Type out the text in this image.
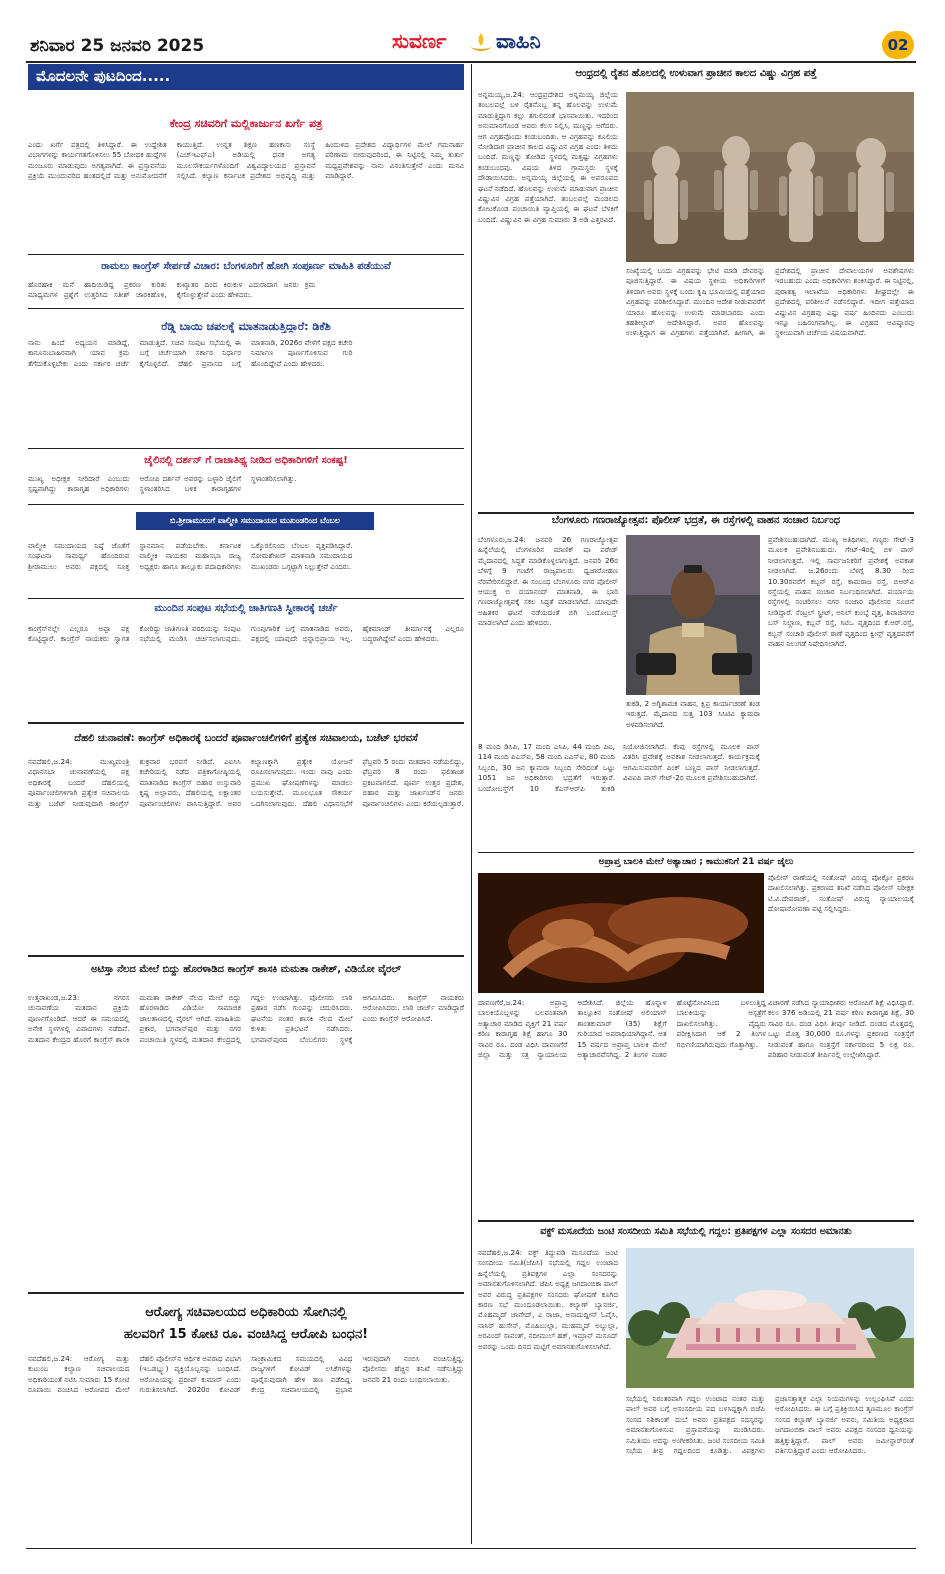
ಶನಿವಾರ 25 ಜನವರಿ 2025	ಸುವರ್ಣ ವಾಹಿನಿ	02
ಮೊದಲನೇ ಪುಟದಿಂದ.....
ಕೇಂದ್ರ ಸಚಿವರಿಗೆ ಮಲ್ಲಿಕಾರ್ಜುನ ಖರ್ಗೆ ಪತ್ರ
ಎಂದು ಖರ್ಗೆ ಪತ್ರದಲ್ಲಿ ತಿಳಿಸಿದ್ದಾರೆ. ಈ ಉದ್ದೇಶಿತ ವಿಭಾಗಗಳನ್ನು ಕಾರ್ಯಗತಗೊಳಿಸಲು 55 ಬೋಧಕ ಹುದ್ದೆಗಳ ಮಂಜೂರು ಮಾಡುವುದು ಅಗತ್ಯವಾಗಿದೆ. ಈ ಪ್ರಸ್ತಾವನೆಯ ಪ್ರಕ್ರಿಯೆ ಮುಂದುವರಿದ ಹಂತದಲ್ಲಿದೆ ಮತ್ತು ಅನುಮೋದನೆಗೆ ಕಾಯುತ್ತಿದೆ. ಉನ್ನತ ಶಿಕ್ಷಣ ಹಣಕಾಸು ಸಂಸ್ಥೆ (ಎಚ್‌ಇಎಫ್‌ಎ) ಅಡಿಯಲ್ಲಿ ಧನಕ ಅಗತ್ಯ ಮೂಲಸೌಕರ್ಯಗಳೊಂದಿಗೆ ವಿಶ್ವವಿದ್ಯಾಲಯದ ಪ್ರಸ್ತಾವನೆ ಸಲ್ಲಿಸಿದೆ. ಕಲ್ಯಾಣ ಕರ್ನಾಟಕ ಪ್ರದೇಶದ ಅಭಿವೃದ್ಧಿ ಮತ್ತು ಹಿಂದುಳಿದ ಪ್ರದೇಶದ ವಿದ್ಯಾರ್ಥಿಗಳ ಮೇಲೆ ಗಮನಾರ್ಹ ಪರಿಣಾಮ ಬೀರುವುದರಿಂದ, ಈ ನಿಟ್ಟಿನಲ್ಲಿ ನಿಮ್ಮ ತುರ್ತು ಮಧ್ಯಪ್ರವೇಶವನ್ನು ನಾನು ವಿನಂತಿಸುತ್ತೇನೆ ಎಂದು ಮನವಿ ಮಾಡಿದ್ದಾರೆ.
ರಾಮಲು ಕಾಂಗ್ರೆಸ್ ಸೇರ್ಪಡೆ ವಿಚಾರ: ಬೆಂಗಳೂರಿಗೆ ಹೋಗಿ ಸಂಪೂರ್ಣ ಮಾಹಿತಿ ಪಡೆಯುವೆ
ಹೊರಹಾಕಿ ಮನೆ ಹಾದಿಯಿಡಿದ್ದ ಪ್ರಕರಣ ಕುರಿತು ಮಾಧ್ಯಮಗಳ ಪ್ರಶ್ನೆಗೆ ಉತ್ತರಿಸಿದ ಸತೀಶ್ ಜಾರಕಿಹೊಳಿ, ಕುಖ್ಯಾತರ ದಿಂದ ಕಿರುಕುಳ ಎದುರಾದಾಗ ಜನರು ಕ್ರಮ ಕೈಗೊಳ್ಳುತ್ತೇವೆ ಎಂದು ಹೇಳಿದರು.
ರೆಡ್ಡಿ ಬಾಯಿ ಚಪಲಕ್ಕೆ ಮಾತನಾಡುತ್ತಿದ್ದಾರೆ: ಡಿಕೆಶಿ
ನಾನು ಹಿಂದೆ ಅಧ್ಯಯನ ಮಾಡಿದ್ದೆ, ಕಾನೂನುಬಾಹಿರವಾಗಿ ಯಾವ ಕ್ರಮ ತೆಗೆದುಕೊಳ್ಳಬೇಕು ಎಂದು ಸರ್ಕಾರ ಚರ್ಚೆ ಮಾಡುತ್ತಿದೆ. ಸಚಿವ ಸಂಪುಟ ಸಭೆಯಲ್ಲಿ ಈ ಬಗ್ಗೆ ಚರ್ಚೆಯಾಗಿ ಸರ್ಕಾರ ನಿರ್ಧಾರ ಕೈಗೊಳ್ಳಲಿದೆ. ದೆಹಲಿ ಪ್ರವಾಸದ ಬಗ್ಗೆ ಮಾತನಾಡಿ, 2026ರ ವೇಳೆಗೆ ಪಕ್ಷದ ಕಚೇರಿ ನಿರ್ಮಾಣ ಪೂರ್ಣಗೊಳಿಸುವ ಗುರಿ ಹೊಂದಿದ್ದೇವೆ ಎಂದು ಹೇಳಿದರು.
ಜೈಲಿನಲ್ಲಿ ದರ್ಶನ್ ಗೆ ರಾಜಾತಿಥ್ಯ ನೀಡಿದ ಅಧಿಕಾರಿಗಳಿಗೆ ಸಂಕಷ್ಟ!
ಮುಖ್ಯ ಅಧೀಕ್ಷಕ ನೀರಿದಾರೆ ಎಂಬುದು ಸ್ಪಷ್ಟವಾಗಿದ್ದು ಕಾರಾಗೃಹ ಅಧಿಕಾರಿಗಳು ಆರೋಪಿ ದರ್ಶನ್ ಅವರನ್ನು ಬಳ್ಳಾರಿ ಜೈಲಿಗೆ ಸ್ಥಳಾಂತರಿಸಿದ ಬಳಿಕ ಕಾರಾಗೃಹಗಳ ಸ್ಥಳಾಂತರಿಸಲಾಗಿತ್ತು.
ಬಿ.ಶ್ರೀರಾಮುಲುಗೆ ವಾಲ್ಮೀಕಿ ಸಮುದಾಯದ ಮುಖಂಡರಿಂದ ಬೆಂಬಲ
ವಾಲ್ಮೀಕಿ ಸಮುದಾಯದ ನಿಷ್ಠೆ ಜೊತೆಗೆ ಸಂಘಟನಾ ಸಾಮರ್ಥ್ಯ ಹೊಂದಿರುವ ಶ್ರೀರಾಮುಲು ಅವರು ಪಕ್ಷದಲ್ಲಿ ಸೂಕ್ತ ಸ್ಥಾನಮಾನ ಪಡೆಯಬೇಕು. ಕರ್ನಾಟಕ ವಾಲ್ಮೀಕಿ ನಾಯಕರ ಮಹಾಸಭಾ ರಾಜ್ಯ ಅಧ್ಯಕ್ಷರು ಹಾಗೂ ತಾಲ್ಲೂಕು ಪದಾಧಿಕಾರಿಗಳು ಒಕ್ಕೊರಲಿನಿಂದ ಬೆಂಬಲ ವ್ಯಕ್ತಪಡಿಸಿದ್ದಾರೆ. ಸೋಮಶೇಖರ್ ಮಾತನಾಡಿ ಸಮುದಾಯದ ಮುಖಂಡರು ಒಗ್ಗಟ್ಟಾಗಿ ನಿಲ್ಲುತ್ತೇವೆ ಎಂದರು.
ಮುಂದಿನ ಸಂಪುಟ ಸಭೆಯಲ್ಲಿ ಜಾತಿಗಣತಿ ಸ್ವೀಕಾರಕ್ಕೆ ಚರ್ಚೆ
ಕಾಂಗ್ರೆಸ್‌ನಲ್ಲೇ ಎಲ್ಲರೂ ಅಪ್ಪಾ ಪಕ್ಷ ಕೊಟ್ಟಿದ್ದಾರೆ. ಕಾಂಗ್ರೆಸ್ ನಾಯಕರು ಸ್ವಾಗತ ಕೋರಿದ್ದು ಜಾತಿಗಣತಿ ವರದಿಯನ್ನು ಸಂಪುಟ ಸಭೆಯಲ್ಲಿ ಮಂಡಿಸಿ ಚರ್ಚಿಸಲಾಗುವುದು. ಗುಂಪುಗಾರಿಕೆ ಬಗ್ಗೆ ಮಾತನಾಡಿದ ಅವರು, ಪಕ್ಷದಲ್ಲಿ ಯಾವುದೇ ಭಿನ್ನಾಭಿಪ್ರಾಯ ಇಲ್ಲ. ಹೈಕಮಾಂಡ್ ತೀರ್ಮಾನಕ್ಕೆ ಎಲ್ಲರೂ ಬದ್ಧರಾಗಿದ್ದೇವೆ ಎಂದು ಹೇಳಿದರು.
ದೆಹಲಿ ಚುನಾವಣೆ: ಕಾಂಗ್ರೆಸ್ ಅಧಿಕಾರಕ್ಕೆ ಬಂದರೆ ಪೂರ್ವಾಂಚಲಿಗಳಿಗೆ ಪ್ರತ್ಯೇಕ ಸಚಿವಾಲಯ, ಬಜೆಟ್ ಭರವಸೆ
ನವದೆಹಲಿ,ಜ.24: ಮುಖ್ಯಮಂತ್ರಿ ವಿಧಾನಸಭಾ ಚುನಾವಣೆಯಲ್ಲಿ ಪಕ್ಷ ಅಧಿಕಾರಕ್ಕೆ ಬಂದರೆ ದೆಹಲಿಯಲ್ಲಿ ಪೂರ್ವಾಂಚಲಿಗಳಿಗಾಗಿ ಪ್ರತ್ಯೇಕ ಸಚಿವಾಲಯ ಮತ್ತು ಬಜೆಟ್ ನೀಡುವುದಾಗಿ ಕಾಂಗ್ರೆಸ್ ಶುಕ್ರವಾರ ಭರವಸೆ ನೀಡಿದೆ. ಎಐಸಿಸಿ ಕಚೇರಿಯಲ್ಲಿ ನಡೆದ ಪತ್ರಿಕಾಗೋಷ್ಠಿಯಲ್ಲಿ ಮಾತನಾಡಿದ ಕಾಂಗ್ರೆಸ್ ಬಿಹಾರ ಉಸ್ತುವಾರಿ ಕೃಷ್ಣ ಅಲ್ಲಾವರು, ದೆಹಲಿಯಲ್ಲಿ ಲಕ್ಷಾಂತರ ಪೂರ್ವಾಂಚಲಿಗಳು ವಾಸಿಸುತ್ತಿದ್ದಾರೆ. ಅವರ ಕಲ್ಯಾಣಕ್ಕಾಗಿ ಪ್ರತ್ಯೇಕ ಯೋಜನೆ ರೂಪಿಸಲಾಗುವುದು. ಇಂದು ನಾವು ಎಂದು ಪ್ರಮುಖ ಘೋಷಣೆಗಳನ್ನು ಮಾಡಲು ಬಯಸುತ್ತೇವೆ. ಮೂಲಭೂತ ಸೌಕರ್ಯ ಒದಗಿಸಲಾಗುವುದು. ದೆಹಲಿ ವಿಧಾನಸಭೆಗೆ ಫೆಬ್ರವರಿ 5 ರಂದು ಮತದಾನ ನಡೆಯಲಿದ್ದು, ಫೆಬ್ರವರಿ 8 ರಂದು ಫಲಿತಾಂಶ ಪ್ರಕಟವಾಗಲಿದೆ. ಪೂರ್ವ ಉತ್ತರ ಪ್ರದೇಶ, ಬಿಹಾರ ಮತ್ತು ಜಾರ್ಖಂಡ್‌ನ ಜನರು ಪೂರ್ವಾಂಚಲಿಗಳು ಎಂದು ಕರೆಯಲ್ಪಡುತ್ತಾರೆ.
ಅಟಿಸ್ತಾ ನೆಲದ ಮೇಲೆ ಬಿದ್ದು ಹೊರಳಾಡಿದ ಕಾಂಗ್ರೆಸ್ ಶಾಸಕಿ ಮಮತಾ ರಾಕೇಶ್, ವಿಡಿಯೋ ವೈರಲ್
ಉತ್ತರಾಖಂಡ,ಜ.23: ನಗರಸ ಚುನಾವಣೆಯ ಮತದಾನ ಪ್ರಕ್ರಿಯೆ ಪೂರ್ಣಗೊಂಡಿದೆ. ಆದರೆ ಈ ಸಮಯದಲ್ಲಿ ಅನೇಕ ಸ್ಥಳಗಳಲ್ಲಿ ವಿವಾದಗಳು ನಡೆದಿವೆ. ಮತದಾನ ಕೇಂದ್ರದ ಹೊರಗೆ ಕಾಂಗ್ರೆಸ್ ಶಾಸಕಿ ಮಮತಾ ರಾಕೇಶ್ ನೆಲದ ಮೇಲೆ ಬಿದ್ದು ಹೊರಳಾಡಿದ ವಿಡಿಯೋ ಸಾಮಾಜಿಕ ಜಾಲತಾಣದಲ್ಲಿ ವೈರಲ್ ಆಗಿದೆ. ಮಾಹಿತಿಯ ಪ್ರಕಾರ, ಭಗವಾನ್‌ಪುರ ಮತ್ತು ನಗರ ಪಂಚಾಯಿತಿ ಸ್ಥಳದಲ್ಲಿ ಮತದಾನ ಕೇಂದ್ರದಲ್ಲಿ ಗದ್ದಲ ಉಂಟಾಗಿತ್ತು. ಪೊಲೀಸರು ಲಾಠಿ ಪ್ರಹಾರ ನಡೆಸಿ ಗುಂಪನ್ನು ಚದುರಿಸಿದರು. ಘಟನೆಯ ನಂತರ ಶಾಸಕಿ ನೆಲದ ಮೇಲೆ ಕುಳಿತು ಪ್ರತಿಭಟನೆ ನಡೆಸಿದರು. ಭಗವಾನ್‌ಪುರದ ಬೆಂಬಲಿಗರು ಸ್ಥಳಕ್ಕೆ ಆಗಮಿಸಿದರು. ಕಾಂಗ್ರೆಸ್ ನಾಯಕರು ಆರೋಪಿಸಿದರು. ಲಾಠಿ ಚಾರ್ಜ್ ಮಾಡಿದ್ದಾರೆ ಎಂದು ಕಾಂಗ್ರೆಸ್ ಆರೋಪಿಸಿದೆ.
ಆರೋಗ್ಯ ಸಚಿವಾಲಯದ ಅಧಿಕಾರಿಯ ಸೋಗಿನಲ್ಲಿ
ಹಲವರಿಗೆ 15 ಕೋಟಿ ರೂ. ವಂಚಿಸಿದ್ದ ಆರೋಪಿ ಬಂಧನ!
ನವದೆಹಲಿ,ಜ.24: ಆರೋಗ್ಯ ಮತ್ತು ಕುಟುಂಬ ಕಲ್ಯಾಣ ಸಚಿವಾಲಯದ ಅಧಿಕಾರಿಯಂತೆ ನಟಿಸಿ ಸುಮಾರು 15 ಕೋಟಿ ರೂಪಾಯಿ ವಂಚಿಸಿದ ಆರೋಪದ ಮೇಲೆ ದೆಹಲಿ ಪೊಲೀಸ್‌ನ ಆರ್ಥಿಕ ಅಪರಾಧ ವಿಭಾಗ (ಇಒಡಬ್ಲ್ಯು) ವ್ಯಕ್ತಿಯೊಬ್ಬನನ್ನು ಬಂಧಿಸಿದೆ. ಆರೋಪಿಯನ್ನು ಪ್ರದೀಪ್ ಕುಮಾರ್ ಎಂದು ಗುರುತಿಸಲಾಗಿದೆ. 2020ರ ಕೋವಿಡ್ ಸಾಂಕ್ರಾಮಿಕದ ಸಮಯದಲ್ಲಿ ವಿವಿಧ ರಾಜ್ಯಗಳಿಗೆ ಕೋವಿಡ್ ಲಸಿಕೆಗಳನ್ನು ಪೂರೈಸುವುದಾಗಿ ಹೇಳಿ ಹಣ ಪಡೆದಿದ್ದ. ಕೇಂದ್ರ ಸಚಿವಾಲಯದಲ್ಲಿ ಪ್ರಭಾವ ಇರುವುದಾಗಿ ನಂಬಿಸಿ ವಂಚಿಸುತ್ತಿದ್ದ. ಪೊಲೀಸರು ಹೆಚ್ಚಿನ ತನಿಖೆ ನಡೆಸುತ್ತಿದ್ದು ಜನವರಿ 21 ರಂದು ಬಂಧಿಸಲಾಯಿತು.
ಆಂಧ್ರದಲ್ಲಿ ರೈತನ ಹೊಲದಲ್ಲಿ ಉಳುವಾಗ ಪ್ರಾಚೀನ ಕಾಲದ ವಿಷ್ಣು ವಿಗ್ರಹ ಪತ್ತೆ
ಅನ್ನಮಯ್ಯ,ಜ.24: ಆಂಧ್ರಪ್ರದೇಶದ ಅನ್ನಮಯ್ಯ ಜಿಲ್ಲೆಯ ತಂಬಲಪಲ್ಲೆ ಬಳಿ ರೈತನೊಬ್ಬ ತನ್ನ ಹೊಲವನ್ನು ಉಳುಮೆ ಮಾಡುತ್ತಿದ್ದಾಗ ಕಲ್ಲು ತಗುಲಿದಂತೆ ಭಾಸವಾಯಿತು. ಇದರಿಂದ ಅನುಮಾನಗೊಂಡ ಅವರು ಕೆಲಸ ನಿಲ್ಲಿಸಿ, ಮಣ್ಣನ್ನು ಅಗೆದರು. ಆಗ ವಿಗ್ರಹವೊಂದು ಕಂಡುಬಂದಿತು. ಆ ವಿಗ್ರಹವನ್ನು ಕೂಲಿಯ ನೋಡಿದಾಗ ಪ್ರಾಚೀನ ಕಾಲದ ವಿಷ್ಣುವಿನ ವಿಗ್ರಹ ಎಂದು ತಿಳಿದು ಬಂದಿದೆ. ಮಣ್ಣನ್ನು ತೋಡಿದ ಸ್ಥಳದಲ್ಲಿ ಮತ್ತಷ್ಟು ವಿಗ್ರಹಗಳು ಕಂಡುಬಂದವು. ವಿಷಯ ತಿಳಿದ ಗ್ರಾಮಸ್ಥರು ಸ್ಥಳಕ್ಕೆ ದೌಡಾಯಿಸಿದರು. ಅನ್ನಮಯ್ಯ ಜಿಲ್ಲೆಯಲ್ಲಿ ಈ ಅಪರೂಪದ ಘಟನೆ ನಡೆದಿದೆ. ಹೊಲವನ್ನು ಉಳುಮೆ ಮಾಡುವಾಗ ಪ್ರಾಚೀನ ವಿಷ್ಣುವಿನ ವಿಗ್ರಹ ಪತ್ತೆಯಾಗಿದೆ. ತಂಬಲಪಲ್ಲೆ ಮಂಡಲದ ಕೋಟಕೊಂಡ ಪಂಚಾಯಿತಿ ವ್ಯಾಪ್ತಿಯಲ್ಲಿ ಈ ಘಟನೆ ಬೆಳಕಿಗೆ ಬಂದಿದೆ. ವಿಷ್ಣುವಿನ ಈ ವಿಗ್ರಹ ಸುಮಾರು 3 ಅಡಿ ಎತ್ತರವಿದೆ.
ಸಂಖ್ಯೆಯಲ್ಲಿ ಬಂದು ವಿಗ್ರಹವನ್ನು ಭೇಟಿ ಮಾಡಿ ದೇವರನ್ನು ಪೂಜಿಸುತ್ತಿದ್ದಾರೆ. ಈ ವಿಷಯ ಸ್ಥಳೀಯ ಅಧಿಕಾರಿಗಳಿಗೆ ತಿಳಿದಾಗ ಅವರು ಸ್ಥಳಕ್ಕೆ ಬಂದು ಕೃಷಿ ಭೂಮಿಯಲ್ಲಿ ಪತ್ತೆಯಾದ ವಿಗ್ರಹವನ್ನು ಪರಿಶೀಲಿಸಿದ್ದಾರೆ. ಮುಂದಿನ ಆದೇಶ ನೀಡುವವರೆಗೆ ಯಾರೂ ಹೊಲವನ್ನು ಉಳುಮೆ ಮಾಡಬಾರದು ಎಂದು ತಹಶೀಲ್ದಾರ್ ಆದೇಶಿಸಿದ್ದಾರೆ. ಅವರ ಹೊಲವನ್ನು ಉಳುತ್ತಿದ್ದಾಗ ಈ ವಿಗ್ರಹಗಳು ಪತ್ತೆಯಾಗಿವೆ. ಹೀಗಾಗಿ, ಈ ಪ್ರದೇಶದಲ್ಲಿ ಪ್ರಾಚೀನ ದೇವಾಲಯಗಳ ಅವಶೇಷಗಳು ಇರಬಹುದು ಎಂದು ಅಧಿಕಾರಿಗಳು ಶಂಕಿಸಿದ್ದಾರೆ. ಈ ನಿಟ್ಟಿನಲ್ಲಿ, ಪುರಾತತ್ವ ಇಲಾಖೆಯ ಅಧಿಕಾರಿಗಳು ಶೀಘ್ರದಲ್ಲೇ ಈ ಪ್ರದೇಶದಲ್ಲಿ ಪರಿಶೀಲನೆ ನಡೆಸಲಿದ್ದಾರೆ. ಇದೀಗ ಪತ್ತೆಯಾದ ವಿಷ್ಣುವಿನ ವಿಗ್ರಹವು ಎಷ್ಟು ವರ್ಷ ಹಿಂದಿನದು ಎಂಬುದು ಇನ್ನೂ ಬಹಿರಂಗವಾಗಿಲ್ಲ. ಈ ವಿಗ್ರಹದ ಆವಿಷ್ಕಾರವು ಸ್ಥಳೀಯವಾಗಿ ಚರ್ಚೆಯ ವಿಷಯವಾಗಿದೆ.
ಬೆಂಗಳೂರು ಗಣರಾಜ್ಯೋತ್ಸವ: ಪೊಲೀಸ್ ಭದ್ರತೆ, ಈ ರಸ್ತೆಗಳಲ್ಲಿ ವಾಹನ ಸಂಚಾರ ನಿರ್ಬಂಧ
ಬೆಂಗಳೂರು,ಜ.24: ಜನವರಿ 26 ಗಣರಾಜ್ಯೋತ್ಸವ ಹಿನ್ನೆಲೆಯಲ್ಲಿ ಬೆಂಗಳೂರಿನ ಮಾಣಿಕ್ ಷಾ ಪರೇಡ್ ಮೈದಾನದಲ್ಲಿ ಸಿದ್ಧತೆ ಮಾಡಿಕೊಳ್ಳಲಾಗುತ್ತಿದೆ. ಜನವರಿ 26ರ ಬೆಳಗ್ಗೆ 9 ಗಂಟೆಗೆ ರಾಜ್ಯಪಾಲರು ಧ್ವಜಾರೋಹಣ ನೆರವೇರಿಸಲಿದ್ದಾರೆ. ಈ ಸಂಬಂಧ ಬೆಂಗಳೂರು ನಗರ ಪೊಲೀಸ್ ಆಯುಕ್ತ ಬಿ ದಯಾನಂದ್ ಮಾತನಾಡಿ, ಈ ಭಾರಿ ಗಣರಾಜ್ಯೋತ್ಸವಕ್ಕೆ ಸಕಲ ಸಿದ್ಧತೆ ಮಾಡಲಾಗಿದೆ. ಯಾವುದೇ ಅಹಿತಕರ ಘಟನೆ ನಡೆಯದಂತೆ ಬಿಗಿ ಬಂದೋಬಸ್ತ್ ಮಾಡಲಾಗಿದೆ ಎಂದು ಹೇಳಿದರು.
ತುಕಡಿ, 2 ಅಗ್ನಿಶಾಮಕ ವಾಹನ, ಕ್ಷಿಪ್ರ ಕಾರ್ಯಾಚರಣೆ ತಂಡ ಇರುತ್ತದೆ. ಮೈದಾನದ ಸುತ್ತ 103 ಸಿಸಿಟಿವಿ ಕ್ಯಾಮರಾ ಅಳವಡಿಸಲಾಗಿದೆ.
8 ಮಂದಿ ಡಿಸಿಪಿ, 17 ಮಂದಿ ಎಸಿಪಿ, 44 ಮಂದಿ ಪಿಐ, 114 ಮಂದಿ ಪಿಎಸ್‌ಐ, 58 ಮಂದಿ ಎಎಸ್‌ಐ, 80 ಮಂದಿ ಸಿಬ್ಬಂದಿ, 30 ಜನ ಕ್ಯಾಮರಾ ಸಿಬ್ಬಂದಿ ಸೇರಿದಂತೆ ಒಟ್ಟು 1051 ಜನ ಅಧಿಕಾರಿಗಳು ಭದ್ರತೆಗೆ ಇರುತ್ತಾರೆ. ಬಂದೋಬಸ್ತ್‌ಗೆ 10 ಕೆಎಸ್‌ಆರ್‌ಪಿ ತುಕಡಿ ನಿಯೋಜಿಸಲಾಗಿದೆ. ಕೆಂಪು ರಸ್ತೆಗಳಲ್ಲಿ ಮೂಲಕ ಪಾಸ್ ವಿತರಿಸಿ ಪ್ರವೇಶಕ್ಕೆ ಅವಕಾಶ ನೀಡಲಾಗುತ್ತದೆ. ಕಾರ್ಯಕ್ರಮಕ್ಕೆ ಆಗಮಿಸುವವರಿಗೆ ಪಿಂಕ್ ಬಣ್ಣದ ಪಾಸ್ ನೀಡಲಾಗುತ್ತದೆ. ವಿವಿಐಪಿ ಪಾಸ್ ಗೇಟ್-2ರ ಮೂಲಕ ಪ್ರವೇಶಿಸಬಹುದಾಗಿದೆ.
ಪ್ರವೇಶಿಸಬಹುದಾಗಿದೆ. ಮುಖ್ಯ ಅತಿಥಿಗಳು, ಗಣ್ಯರು ಗೇಟ್-3 ಮೂಲಕ ಪ್ರವೇಶಿಸಬಹುದು. ಗೇಟ್-4ರಲ್ಲಿ ಬಿಳಿ ಪಾಸ್ ನೀಡಲಾಗುತ್ತದೆ. ಇಲ್ಲಿ ಸಾರ್ವಜನಿಕರಿಗೆ ಪ್ರವೇಶಕ್ಕೆ ಅವಕಾಶ ನೀಡಲಾಗಿದೆ. ಜ.26ರಂದು ಬೆಳಗ್ಗೆ 8.30 ರಿಂದ 10.30ರವರೆಗೆ ಕಬ್ಬನ್ ರಸ್ತೆ, ಕಾಮರಾಜ ರಸ್ತೆ, ಬಿಆರ್‌ವಿ ರಸ್ತೆಯಲ್ಲಿ ವಾಹನ ಸಂಚಾರ ನಿರ್ಬಂಧಿಸಲಾಗಿದೆ. ಪರ್ಯಾಯ ರಸ್ತೆಗಳಲ್ಲಿ ಸಂಚರಿಸಲು ನಗರ ಸಂಚಾರ ಪೊಲೀಸರ ಸೂಚನೆ ನೀಡಿದ್ದಾರೆ. ಸೆಂಟ್ರಲ್ ಸ್ಟ್ರೀಟ್, ಅನಿಲ್ ಕುಂಬ್ಳೆ ವೃತ್ತ, ಶಿವಾಜಿನಗರ ಬಸ್ ನಿಲ್ದಾಣ, ಕಬ್ಬನ್ ರಸ್ತೆ, ಸಿಟಿಒ ವೃತ್ತದಿಂದ ಕೆ.ಆರ್.ರಸ್ತೆ, ಕಬ್ಬನ್ ಸಂಚಾರಿ ಪೊಲೀಸ್ ಠಾಣೆ ವೃತ್ತದಿಂದ ಕ್ವೀನ್ಸ್ ವೃತ್ತದವರೆಗೆ ವಾಹನ ನಿಲುಗಡೆ ನಿಷೇಧಿಸಲಾಗಿದೆ.
ಅಪ್ರಾಪ್ತ ಬಾಲಕಿ ಮೇಲೆ ಅತ್ಯಾಚಾರ ; ಕಾಮುಕನಿಗೆ 21 ವರ್ಷ ಜೈಲು
ಪೊಲೀಸ್ ಠಾಣೆಯಲ್ಲಿ ಸಂತೋಷ್ ವಿರುದ್ಧ ಪೋಕ್ಸೋ ಪ್ರಕರಣ ದಾಖಲಿಸಲಾಗಿತ್ತು. ಪ್ರಕರಣದ ತನಿಖೆ ನಡೆಸಿದ ಪೊಲೀಸ್ ನಿರೀಕ್ಷಕ ಟಿ.ವಿ.ದೇವರಾಜ್, ಸಂತೋಷ್ ವಿರುದ್ಧ ನ್ಯಾಯಾಲಯಕ್ಕೆ ದೋಷಾರೋಪಣಾ ಪಟ್ಟಿ ಸಲ್ಲಿಸಿದ್ದರು.
ದಾವಣಗೆರೆ,ಜ.24: ಅಪ್ರಾಪ್ತ ಬಾಲಕಿಯೊಬ್ಬಳನ್ನು ಬಲವಂತವಾಗಿ ಅತ್ಯಾಚಾರ ಮಾಡಿದ ವ್ಯಕ್ತಿಗೆ 21 ವರ್ಷ ಕಠಿಣ ಕಾರಾಗೃಹ ಶಿಕ್ಷೆ ಹಾಗೂ 30 ಸಾವಿರ ರೂ. ದಂಡ ವಿಧಿಸಿ ದಾವಣಗೆರೆ ಜಿಲ್ಲಾ ಮತ್ತು ಸತ್ರ ನ್ಯಾಯಾಲಯ ಆದೇಶಿಸಿದೆ. ಜಿಲ್ಲೆಯ ಹೊನ್ನಾಳಿ ತಾಲ್ಲೂಕಿನ ಸಂತೋಷ್ ಅಲಿಯಾಸ್ ಶಾಂತಕುಮಾರ್ (35) ಶಿಕ್ಷೆಗೆ ಗುರಿಯಾದ ಅಪರಾಧಿಯಾಗಿದ್ದಾನೆ. ಆತ 15 ವರ್ಷದ ಅಪ್ರಾಪ್ತ ಬಾಲಕಿ ಮೇಲೆ ಅತ್ಯಾಚಾರವೆಸಗಿದ್ದ. 2 ತಿಂಗಳ ನಂತರ ಹೊಟ್ಟೆನೋವಿನಿಂದ ಬಳಲುತ್ತಿದ್ದ ಬಾಲಕಿಯನ್ನು ಆಸ್ಪತ್ರೆಗೆ ದಾಖಲಿಸಲಾಗಿತ್ತು. ವೈದ್ಯರು ಪರೀಕ್ಷಿಸಿದಾಗ ಆಕೆ 2 ತಿಂಗಳ ಗರ್ಭಿಣಿಯಾಗಿರುವುದು ಗೊತ್ತಾಗಿತ್ತು.
ವಿಚಾರಣೆ ನಡೆಸಿದ ನ್ಯಾಯಾಧೀಶರು ಆರೋಪಿಗೆ ಶಿಕ್ಷೆ ವಿಧಿಸಿದ್ದಾರೆ. ಕಲಂ 376 ಅಡಿಯಲ್ಲಿ 21 ವರ್ಷ ಕಠಿಣ ಕಾರಾಗೃಹ ಶಿಕ್ಷೆ, 30 ಸಾವಿರ ರೂ. ದಂಡ ವಿಧಿಸಿ ತೀರ್ಪು ನೀಡಿದೆ. ದಂಡದ ಮೊತ್ತದಲ್ಲಿ ಒಟ್ಟು ಮೊತ್ತ 30,000 ರೂ.ಗಳನ್ನು ಪ್ರಕರಣದ ಸಂತ್ರಸ್ತೆಗೆ ನೀಡುವಂತೆ ಹಾಗೂ ಸಂತ್ರಸ್ತೆಗೆ ಸರ್ಕಾರದಿಂದ 5 ಲಕ್ಷ ರೂ. ಪರಿಹಾರ ನೀಡುವಂತೆ ತೀರ್ಪಿನಲ್ಲಿ ಉಲ್ಲೇಖಿಸಿದ್ದಾರೆ.
ವಕ್ಫ್ ಮಸೂದೆಯ ಜಂಟಿ ಸಂಸದೀಯ ಸಮಿತಿ ಸಭೆಯಲ್ಲಿ ಗದ್ದಲ: ಪ್ರತಿಪಕ್ಷಗಳ ಎಲ್ಲಾ ಸಂಸದರ ಅಮಾನತು
ನವದೆಹಲಿ,ಜ.24: ವಕ್ಫ್ ತಿದ್ದುಪಡಿ ಮಸೂದೆಯ ಜಂಟಿ ಸಂಸದೀಯ ಸಮಿತಿ(ಜೆಪಿಸಿ) ಸಭೆಯಲ್ಲಿ ಗದ್ದಲ ಉಂಟಾದ ಹಿನ್ನೆಲೆಯಲ್ಲಿ ಪ್ರತಿಪಕ್ಷಗಳ ಎಲ್ಲಾ ಸಂಸದರನ್ನು ಅಮಾನತುಗೊಳಿಸಲಾಗಿದೆ. ಜೆಪಿಸಿ ಅಧ್ಯಕ್ಷ ಜಗದಾಂಬಿಕಾ ಪಾಲ್ ಅವರ ವಿರುದ್ಧ ಪ್ರತಿಪಕ್ಷಗಳ ಸಂಸದರು ಘೋಷಣೆ ಕೂಗಿದ ಕಾರಣ ಸಭೆ ಮುಂದೂಡಲಾಯಿತು. ಕಲ್ಯಾಣ್ ಬ್ಯಾನರ್ಜಿ, ಮೊಹಮ್ಮದ್ ಜಾವೇದ್, ಎ ರಾಜಾ, ಅಸಾದುದ್ದೀನ್ ಓವೈಸಿ, ನಾಸಿರ್ ಹುಸೇನ್, ಮೊಹಿಬುಲ್ಲಾ, ಮುಹಮ್ಮದ್ ಅಬ್ದುಲ್ಲಾ, ಅರವಿಂದ್ ಸಾವಂತ್, ನದೀಮುಲ್ ಹಕ್, ಇಮ್ರಾನ್ ಮಸೂದ್ ಅವರನ್ನು ಒಂದು ದಿನದ ಮಟ್ಟಿಗೆ ಅಮಾನತುಗೊಳಿಸಲಾಗಿದೆ.
ಸಭೆಯಲ್ಲಿ ನಿರಂತರವಾಗಿ ಗದ್ದಲ ಉಂಟಾದ ನಂತರ ಮತ್ತು ಪಾಲ್ ಅವರ ಬಗ್ಗೆ ಅಸಂಸದೀಯ ಪದ ಬಳಸಿದ್ದಕ್ಕಾಗಿ ಬಿಜೆಪಿ ಸಂಸದ ನಿಶಿಕಾಂತ್ ದುಬೆ ಅವರು ಪ್ರತಿಪಕ್ಷದ ಸದಸ್ಯರನ್ನು ಅಮಾನತುಗೊಳಿಸುವ ಪ್ರಸ್ತಾವನೆಯನ್ನು ಮಂಡಿಸಿದರು. ಸಮಿತಿಯು ಅದನ್ನು ಅಂಗೀಕರಿಸಿತು. ಜಂಟಿ ಸಂಸದೀಯ ಸಮಿತಿ ಸಭೆಯ ತೀವ್ರ ಗದ್ದಲದಿಂದ ಕೂಡಿತ್ತು. ವಿಪಕ್ಷಗಳು ಪ್ರಜಾಸತ್ತಾತ್ಮಕ ಎಲ್ಲಾ ನಿಯಮಗಳನ್ನು ಉಲ್ಲಂಘಿಸಿವೆ ಎಂದು ಆರೋಪಿಸಿದರು. ಈ ಬಗ್ಗೆ ಪ್ರತಿಕ್ರಿಯಿಸಿದ ತೃಣಮೂಲ ಕಾಂಗ್ರೆಸ್ ಸಂಸದ ಕಲ್ಯಾಣ್ ಬ್ಯಾನರ್ಜಿ ಅವರು, ಸಮಿತಿಯ ಅಧ್ಯಕ್ಷರಾದ ಜಗದಾಂಬಿಕಾ ಪಾಲ್ ಅವರು ವಿಪಕ್ಷದ ಸಂಸದರ ಧ್ವನಿಯನ್ನು ಹತ್ತಿಕ್ಕುತ್ತಿದ್ದಾರೆ. ಪಾಲ್ ಅವರು ಜಮೀನ್ದಾರ್‌ರಂತೆ ವರ್ತಿಸುತ್ತಿದ್ದಾರೆ ಎಂದು ಆರೋಪಿಸಿದರು.
